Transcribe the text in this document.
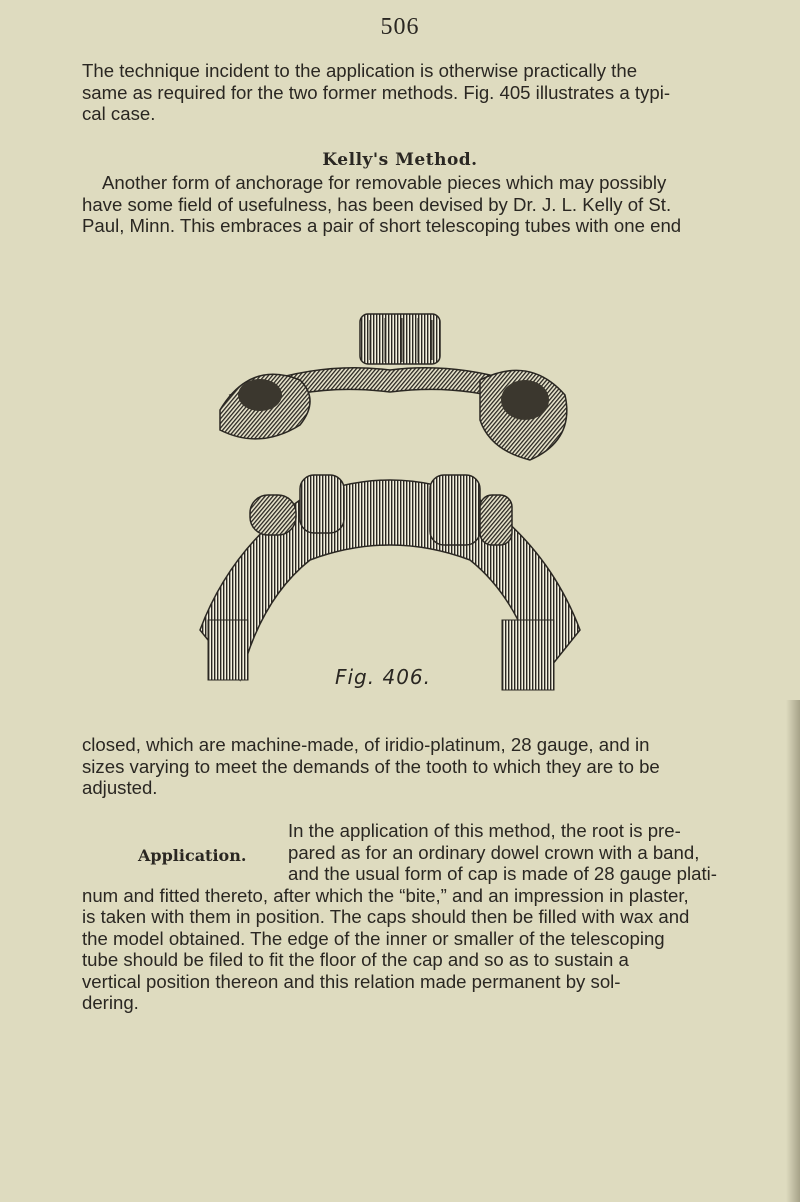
506

The technique incident to the application is otherwise practically the
same as required for the two former methods. Fig. 405 illustrates a typi-
cal case.

Kelly's Method.

Another form of anchorage for removable pieces which may possibly
have some field of usefulness, has been devised by Dr. J. L. Kelly of St.
Paul, Minn. This embraces a pair of short telescoping tubes with one end

Fig. 406.

closed, which are machine-made, of iridio-platinum, 28 gauge, and in
sizes varying to meet the demands of the tooth to which they are to be
adjusted.

Application.

In the application of this method, the root is pre-
pared as for an ordinary dowel crown with a band,
and the usual form of cap is made of 28 gauge plati-
num and fitted thereto, after which the “bite,” and an impression in plaster,
is taken with them in position. The caps should then be filled with wax and
the model obtained. The edge of the inner or smaller of the telescoping
tube should be filed to fit the floor of the cap and so as to sustain a
vertical position thereon and this relation made permanent by sol-
dering.
